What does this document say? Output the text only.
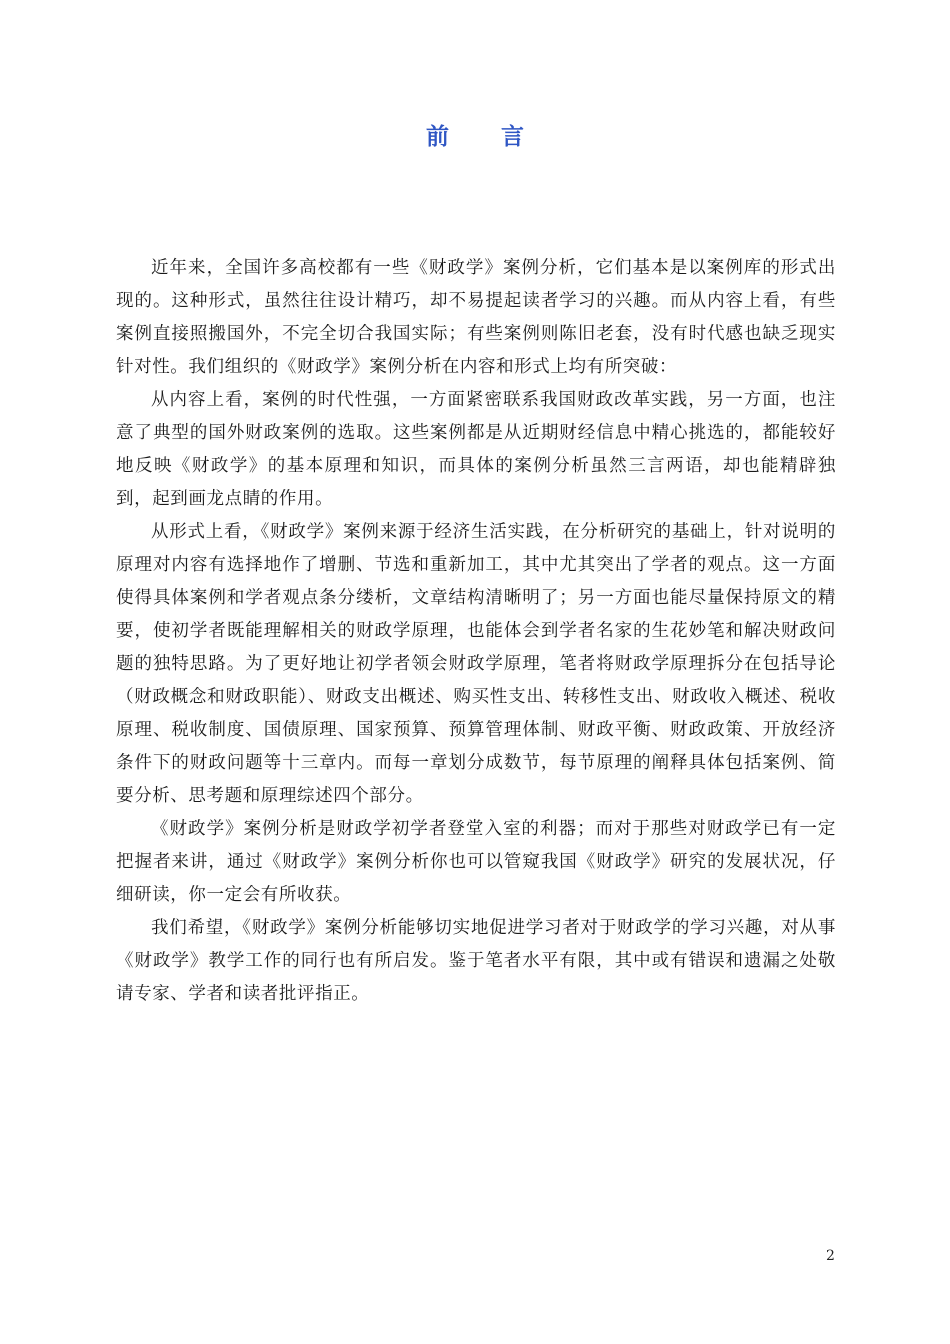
前 言

近年来，全国许多高校都有一些《财政学》案例分析，它们基本是以案例库的形式出现的。这种形式，虽然往往设计精巧，却不易提起读者学习的兴趣。而从内容上看，有些案例直接照搬国外，不完全切合我国实际；有些案例则陈旧老套，没有时代感也缺乏现实针对性。我们组织的《财政学》案例分析在内容和形式上均有所突破：

从内容上看，案例的时代性强，一方面紧密联系我国财政改革实践，另一方面，也注意了典型的国外财政案例的选取。这些案例都是从近期财经信息中精心挑选的，都能较好地反映《财政学》的基本原理和知识，而具体的案例分析虽然三言两语，却也能精辟独到，起到画龙点睛的作用。

从形式上看，《财政学》案例来源于经济生活实践，在分析研究的基础上，针对说明的原理对内容有选择地作了增删、节选和重新加工，其中尤其突出了学者的观点。这一方面使得具体案例和学者观点条分缕析，文章结构清晰明了；另一方面也能尽量保持原文的精要，使初学者既能理解相关的财政学原理，也能体会到学者名家的生花妙笔和解决财政问题的独特思路。为了更好地让初学者领会财政学原理，笔者将财政学原理拆分在包括导论（财政概念和财政职能）、财政支出概述、购买性支出、转移性支出、财政收入概述、税收原理、税收制度、国债原理、国家预算、预算管理体制、财政平衡、财政政策、开放经济条件下的财政问题等十三章内。而每一章划分成数节，每节原理的阐释具体包括案例、简要分析、思考题和原理综述四个部分。

《财政学》案例分析是财政学初学者登堂入室的利器；而对于那些对财政学已有一定把握者来讲，通过《财政学》案例分析你也可以管窥我国《财政学》研究的发展状况，仔细研读，你一定会有所收获。

我们希望，《财政学》案例分析能够切实地促进学习者对于财政学的学习兴趣，对从事《财政学》教学工作的同行也有所启发。鉴于笔者水平有限，其中或有错误和遗漏之处敬请专家、学者和读者批评指正。

2
